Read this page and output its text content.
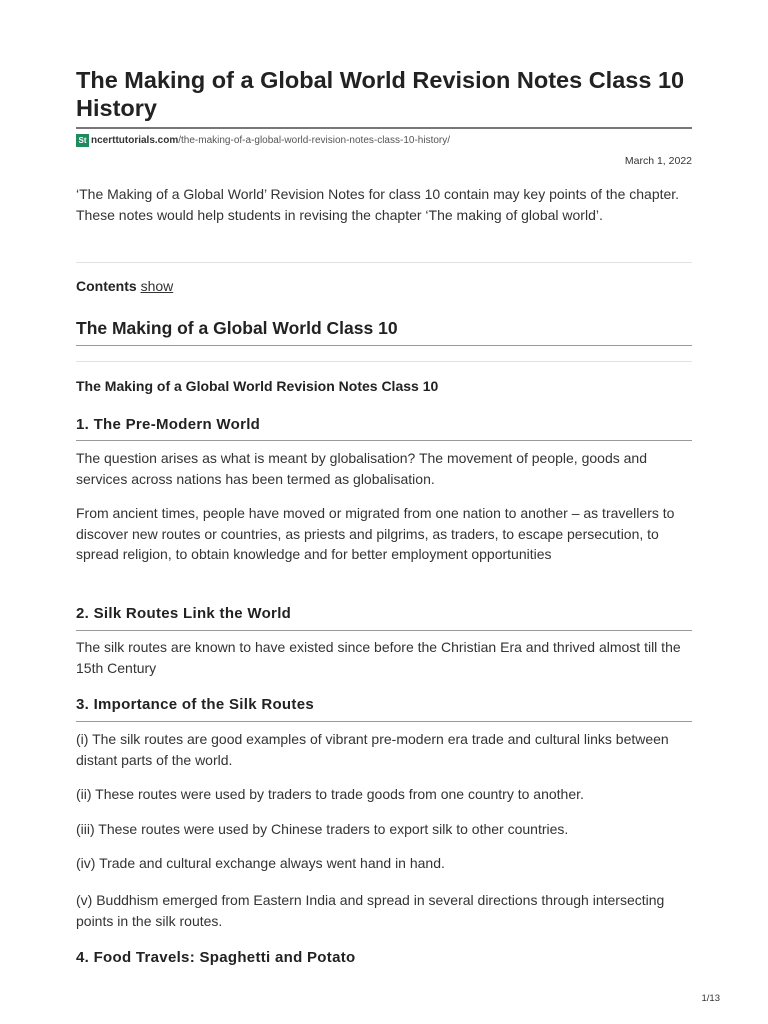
The Making of a Global World Revision Notes Class 10 History
St ncerttutorials.com /the-making-of-a-global-world-revision-notes-class-10-history/
March 1, 2022

‘The Making of a Global World’ Revision Notes for class 10 contain may key points of the chapter. These notes would help students in revising the chapter ‘The making of global world’.

Contents show
The Making of a Global World Class 10
The Making of a Global World Revision Notes Class 10
1. The Pre-Modern World

The question arises as what is meant by globalisation? The movement of people, goods and services across nations has been termed as globalisation.

From ancient times, people have moved or migrated from one nation to another – as travellers to discover new routes or countries, as priests and pilgrims, as traders, to escape persecution, to spread religion, to obtain knowledge and for better employment opportunities

2. Silk Routes Link the World

The silk routes are known to have existed since before the Christian Era and thrived almost till the 15th Century

3. Importance of the Silk Routes

(i) The silk routes are good examples of vibrant pre-modern era trade and cultural links between distant parts of the world.

(ii) These routes were used by traders to trade goods from one country to another.

(iii) These routes were used by Chinese traders to export silk to other countries.

(iv) Trade and cultural exchange always went hand in hand.

(v) Buddhism emerged from Eastern India and spread in several directions through intersecting points in the silk routes.

4. Food Travels: Spaghetti and Potato
1/13
